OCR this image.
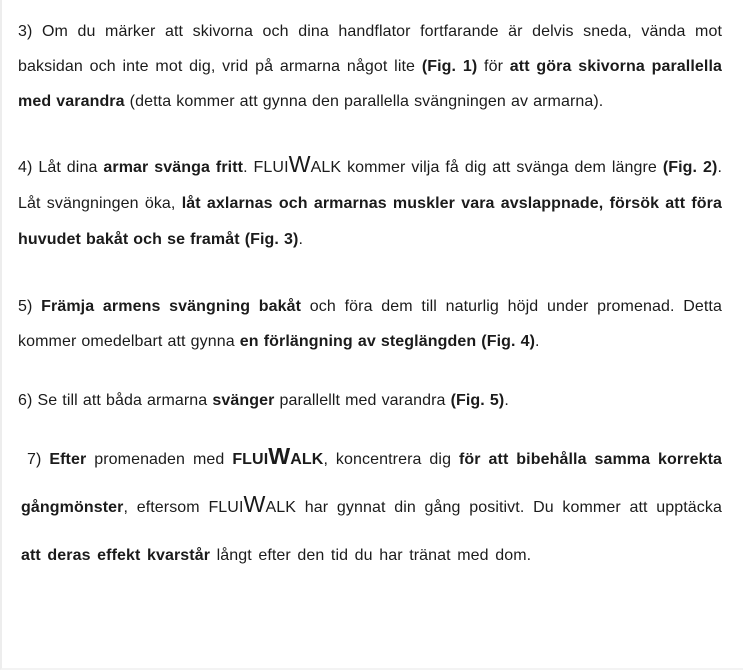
3) Om du märker att skivorna och dina handflator fortfarande är delvis sneda, vända mot baksidan och inte mot dig, vrid på armarna något lite (Fig. 1) för att göra skivorna parallella med varandra (detta kommer att gynna den parallella svängningen av armarna).

4) Låt dina armar svänga fritt. FLUIWALK kommer vilja få dig att svänga dem längre (Fig. 2). Låt svängningen öka, låt axlarnas och armarnas muskler vara avslappnade, försök att föra huvudet bakåt och se framåt (Fig. 3).

5) Främja armens svängning bakåt och föra dem till naturlig höjd under promenad. Detta kommer omedelbart att gynna en förlängning av steglängden (Fig. 4).

6) Se till att båda armarna svänger parallellt med varandra (Fig. 5).

7) Efter promenaden med FLUIWALK, koncentrera dig för att bibehålla samma korrekta gångmönster, eftersom FLUIWALK har gynnat din gång positivt. Du kommer att upptäcka att deras effekt kvarstår långt efter den tid du har tränat med dom.
